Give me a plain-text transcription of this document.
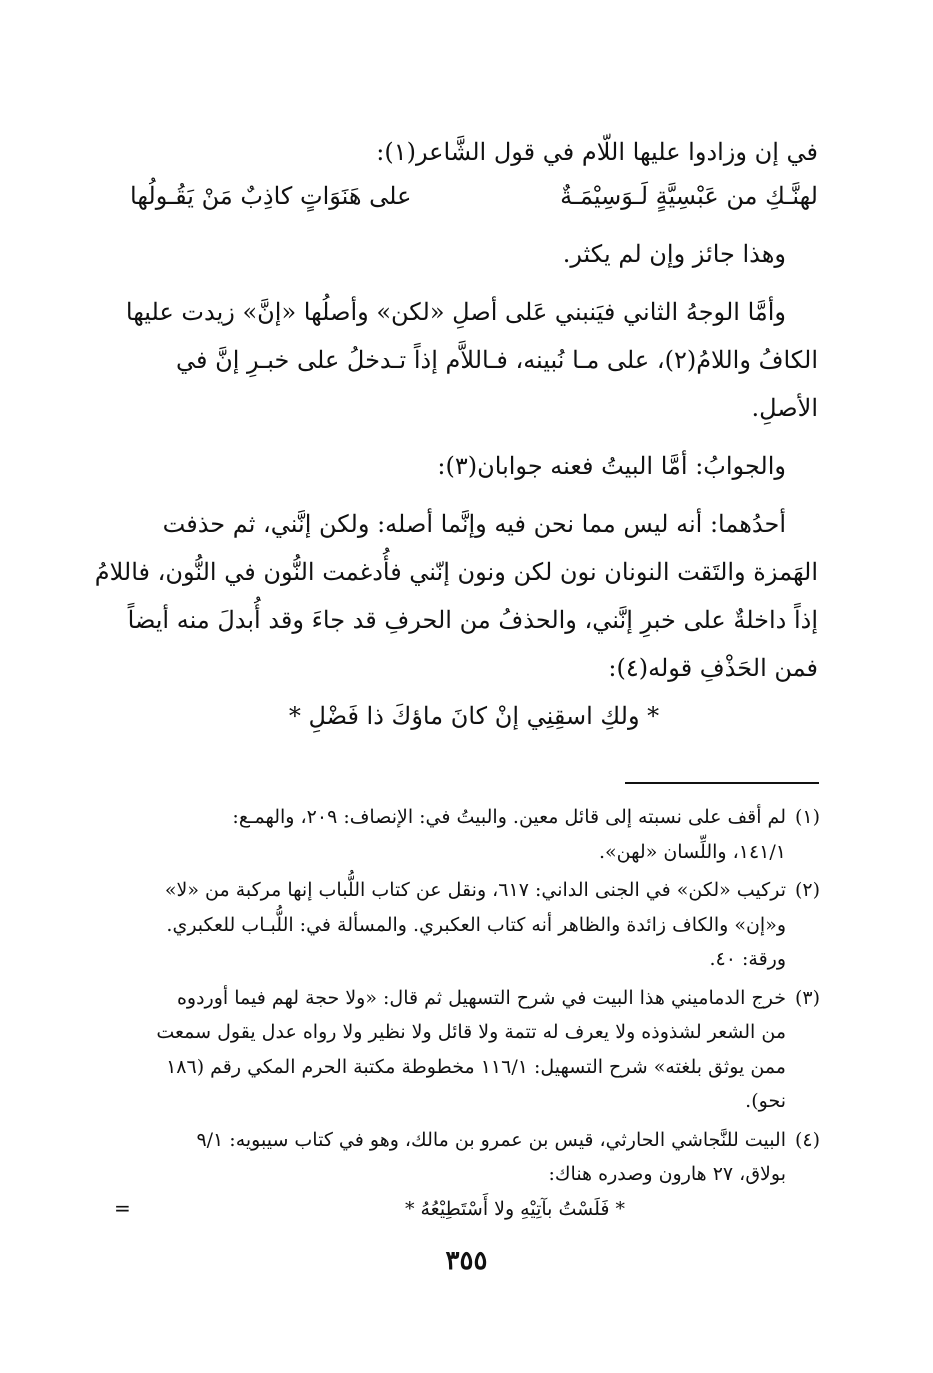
في إن وزادوا عليها اللّام في قول الشَّاعر(١):
لهنَّـكِ من عَبْسِيَّةٍ لَـوَسِيْمَـةٌ
على هَنَوَاتٍ كاذِبٌ مَنْ يَقُـولُها
وهذا جائز وإن لم يكثر.
وأمَّا الوجهُ الثاني فيَنبني عَلى أصلِ «لكن» وأصلُها «إنَّ» زيدت عليها
الكافُ واللامُ(٢)، على مـا نُبينه، فـاللاَّم إذاً تـدخلُ على خبـرِ إنَّ في
الأصلِ.
والجوابُ: أمَّا البيتُ فعنه جوابان(٣):
أحدُهما: أنه ليس مما نحن فيه وإنَّما أصله: ولكن إنَّني، ثم حذفت
الهَمزة والتَقت النونان نون لكن ونون إنّني فأُدغمت النُّون في النُّون، فاللامُ
إذاً داخلةٌ على خبرِ إنَّني، والحذفُ من الحرفِ قد جاءَ وقد أُبدلَ منه أيضاً
فمن الحَذْفِ قوله(٤):
* ولكِ اسقِنِي إنْ كانَ ماؤكَ ذا فَضْلِ *
(١)
لم أقف على نسبته إلى قائل معين. والبيتُ في: الإنصاف: ٢٠٩، والهمـع:
١٤١/١، واللِّسان «لهن».
(٢)
تركيب «لكن» في الجنى الداني: ٦١٧، ونقل عن كتاب اللُّباب إنها مركبة من «لا»
و«إن» والكاف زائدة والظاهر أنه كتاب العكبري. والمسألة في: اللُّبـاب للعكبري.
ورقة: ٤٠.
(٣)
خرج الدماميني هذا البيت في شرح التسهيل ثم قال: «ولا حجة لهم فيما أوردوه
من الشعر لشذوذه ولا يعرف له تتمة ولا قائل ولا نظير ولا رواه عدل يقول سمعت
ممن يوثق بلغته» شرح التسهيل: ١١٦/١ مخطوطة مكتبة الحرم المكي رقم (١٨٦
نحو).
(٤)
البيت للنَّجاشي الحارثي، قيس بن عمرو بن مالك، وهو في كتاب سيبويه: ٩/١
بولاق، ٢٧ هارون وصدره هناك:
* فَلَسْتُ بآتِيْهِ ولا أَسْتَطِيْعُهُ *
=
٣٥٥
